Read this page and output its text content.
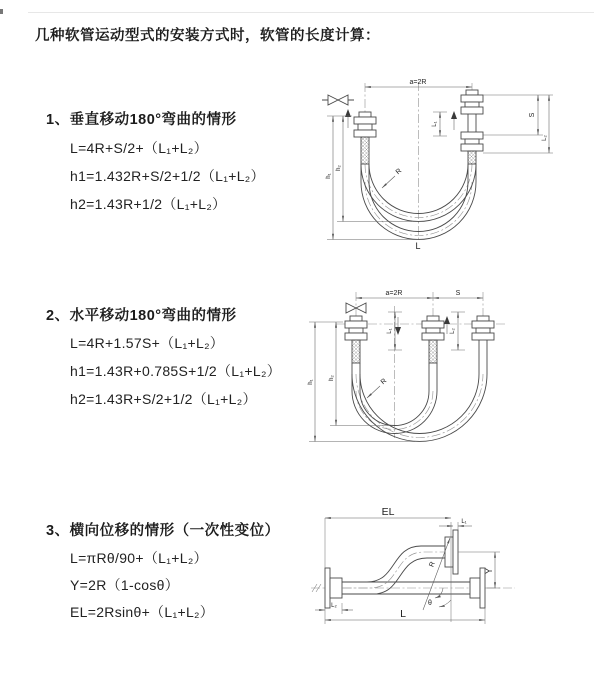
几种软管运动型式的安装方式时，软管的长度计算：
1、垂直移动180°弯曲的情形
L=4R+S/2+（L₁+L₂）
h1=1.432R+S/2+1/2（L₁+L₂）
h2=1.43R+1/2（L₁+L₂）
a=2R
L₁
S
L₂
h₁
h₂	R
L
2、水平移动180°弯曲的情形
L=4R+1.57S+（L₁+L₂）
h1=1.43R+0.785S+1/2（L₁+L₂）
h2=1.43R+S/2+1/2（L₁+L₂）
a=2R	S
L₁	L₂
h₁
h₂	R
3、横向位移的情形（一次性变位）
L=πRθ/90+（L₁+L₂）
Y=2R（1-cosθ）
EL=2Rsinθ+（L₁+L₂）
R
θ
EL
L₁
Y
L₂
L
